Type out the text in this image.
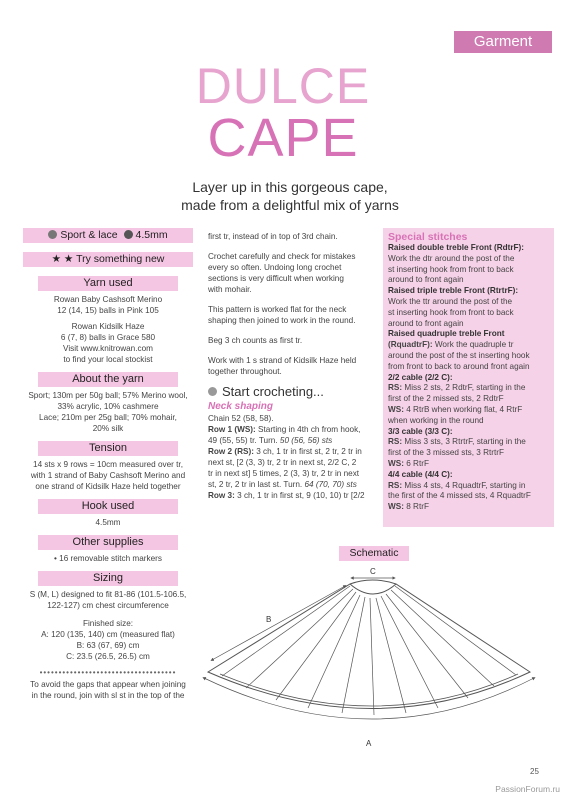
Garment
DULCE
CAPE
Layer up in this gorgeous cape,
made from a delightful mix of yarns
Sport & lace 4.5mm
★ ★ Try something new
Yarn used

Rowan Baby Cashsoft Merino

12 (14, 15) balls in Pink 105

Rowan Kidsilk Haze

6 (7, 8) balls in Grace 580

Visit www.knitrowan.com

to find your local stockist

About the yarn

Sport; 130m per 50g ball; 57% Merino wool,

33% acrylic, 10% cashmere

Lace; 210m per 25g ball; 70% mohair,

20% silk

Tension

14 sts x 9 rows = 10cm measured over tr,

with 1 strand of Baby Cashsoft Merino and

one strand of Kidsilk Haze held together

Hook used

4.5mm

Other supplies

• 16 removable stitch markers

Sizing

S (M, L) designed to fit 81-86 (101.5-106.5,

122-127) cm chest circumference

Finished size:

A: 120 (135, 140) cm (measured flat)

B: 63 (67, 69) cm

C: 23.5 (26.5, 26.5) cm

••••••••••••••••••••••••••••••••••••

To avoid the gaps that appear when joining

in the round, join with sl st in the top of the

first tr, instead of in top of 3rd chain.

Crochet carefully and check for mistakes
every so often. Undoing long crochet
sections is very difficult when working
with mohair.

This pattern is worked flat for the neck
shaping then joined to work in the round.

Beg 3 ch counts as first tr.

Work with 1 s strand of Kidsilk Haze held
together throughout.

Start crocheting...
Neck shaping

Chain 52 (58, 58).

Row 1 (WS): Starting in 4th ch from hook,
49 (55, 55) tr. Turn. 50 (56, 56) sts

Row 2 (RS): 3 ch, 1 tr in first st, 2 tr, 2 tr in
next st, [2 (3, 3) tr, 2 tr in next st, 2/2 C, 2
tr in next st] 5 times, 2 (3, 3) tr, 2 tr in next
st, 2 tr, 2 tr in last st. Turn. 64 (70, 70) sts

Row 3: 3 ch, 1 tr in first st, 9 (10, 10) tr [2/2

Special stitches
Raised double treble Front (RdtrF):
Work the dtr around the post of the
st inserting hook from front to back
around to front again
Raised triple treble Front (RtrtrF):
Work the ttr around the post of the
st inserting hook from front to back
around to front again
Raised quadruple treble Front
(RquadtrF): Work the quadruple tr
around the post of the st inserting hook
from front to back to around front again
2/2 cable (2/2 C):
RS: Miss 2 sts, 2 RdtrF, starting in the
first of the 2 missed sts, 2 RdtrF
WS: 4 RtrB when working flat, 4 RtrF
when working in the round
3/3 cable (3/3 C):
RS: Miss 3 sts, 3 RtrtrF, starting in the
first of the 3 missed sts, 3 RtrtrF
WS: 6 RtrF
4/4 cable (4/4 C):
RS: Miss 4 sts, 4 RquadtrF, starting in
the first of the 4 missed sts, 4 RquadtrF
WS: 8 RtrF
Schematic
C
B
A
25
PassionForum.ru
